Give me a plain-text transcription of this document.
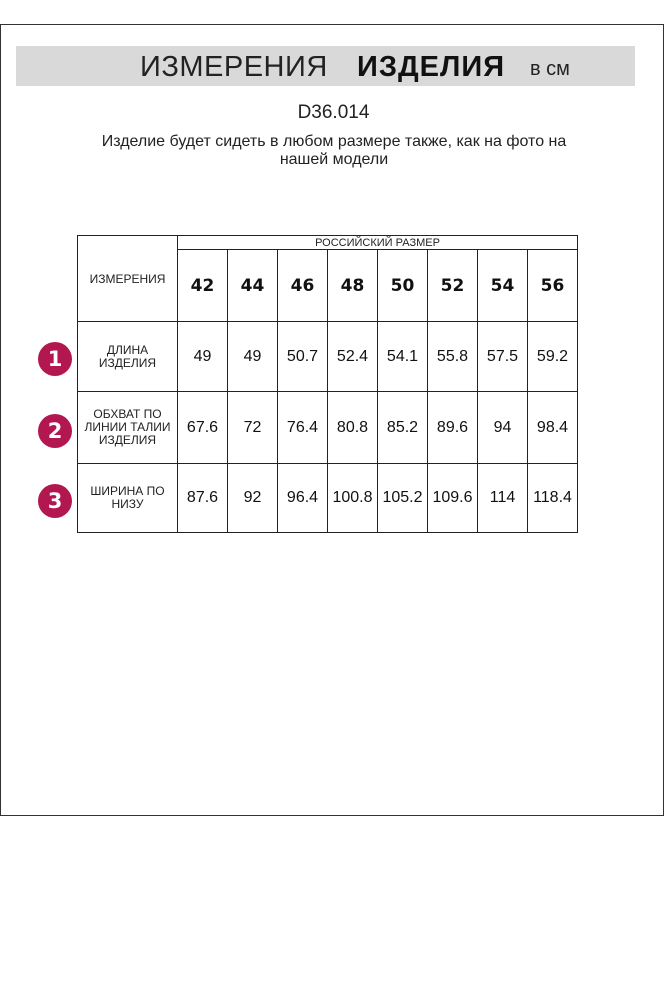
ИЗМЕРЕНИЯ ИЗДЕЛИЯ в см
D36.014
Изделие будет сидеть в любом размере также, как на фото на нашей модели
ИЗМЕРЕНИЯ	РОССИЙСКИЙ РАЗМЕР							
	42	44	46	48	50	52	54	56
ДЛИНА ИЗДЕЛИЯ	49	49	50.7	52.4	54.1	55.8	57.5	59.2
ОБХВАТ ПО ЛИНИИ ТАЛИИ ИЗДЕЛИЯ	67.6	72	76.4	80.8	85.2	89.6	94	98.4
ШИРИНА ПО НИЗУ	87.6	92	96.4	100.8	105.2	109.6	114	118.4
1
2
3
